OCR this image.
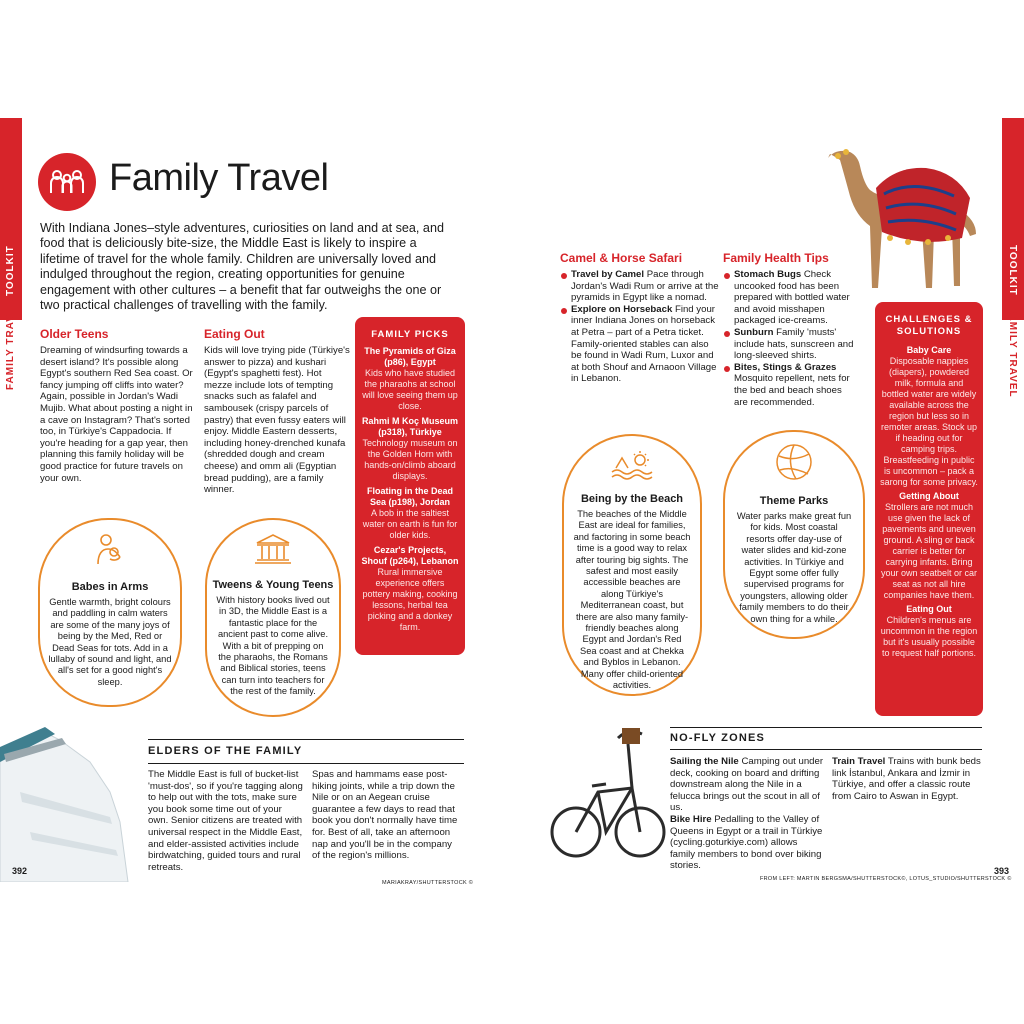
TOOLKIT
FAMILY TRAVEL
TOOLKIT
FAMILY TRAVEL
Family Travel
With Indiana Jones–style adventures, curiosities on land and at sea, and food that is deliciously bite-size, the Middle East is likely to inspire a lifetime of travel for the whole family. Children are universally loved and indulged throughout the region, creating opportunities for genuine engagement with other cultures – a benefit that far outweighs the one or two practical challenges of travelling with the family.
Older Teens
Dreaming of windsurfing towards a desert island? It's possible along Egypt's southern Red Sea coast. Or fancy jumping off cliffs into water? Again, possible in Jordan's Wadi Mujib. What about posting a night in a cave on Instagram? That's sorted too, in Türkiye's Cappadocia. If you're heading for a gap year, then planning this family holiday will be good practice for future travels on your own.
Eating Out
Kids will love trying pide (Türkiye's answer to pizza) and kushari (Egypt's spaghetti fest). Hot mezze include lots of tempting snacks such as falafel and sambousek (crispy parcels of pastry) that even fussy eaters will enjoy. Middle Eastern desserts, including honey-drenched kunafa (shredded dough and cream cheese) and omm ali (Egyptian bread pudding), are a family winner.
FAMILY PICKS
The Pyramids of Giza (p86), Egypt
Kids who have studied the pharaohs at school will love seeing them up close.
Rahmi M Koç Museum (p318), Türkiye
Technology museum on the Golden Horn with hands-on/climb aboard displays.
Floating in the Dead Sea (p198), Jordan
A bob in the saltiest water on earth is fun for older kids.
Cezar's Projects, Shouf (p264), Lebanon
Rural immersive experience offers pottery making, cooking lessons, herbal tea picking and a donkey farm.
Babes in Arms
Gentle warmth, bright colours and paddling in calm waters are some of the many joys of being by the Med, Red or Dead Seas for tots. Add in a lullaby of sound and light, and all's set for a good night's sleep.
Tweens & Young Teens
With history books lived out in 3D, the Middle East is a fantastic place for the ancient past to come alive. With a bit of prepping on the pharaohs, the Romans and Biblical stories, teens can turn into teachers for the rest of the family.
ELDERS OF THE FAMILY
The Middle East is full of bucket-list 'must-dos', so if you're tagging along to help out with the tots, make sure you book some time out of your own. Senior citizens are treated with universal respect in the Middle East, and elder-assisted activities include birdwatching, guided tours and rural retreats.
Spas and hammams ease post-hiking joints, while a trip down the Nile or on an Aegean cruise guarantee a few days to read that book you don't normally have time for. Best of all, take an afternoon nap and you'll be in the company of the region's millions.
392
MARIAKRAY/SHUTTERSTOCK ©
Camel & Horse Safari
Travel by Camel Pace through Jordan's Wadi Rum or arrive at the pyramids in Egypt like a nomad.
Explore on Horseback Find your inner Indiana Jones on horseback at Petra – part of a Petra ticket. Family-oriented stables can also be found in Wadi Rum, Luxor and at both Shouf and Arnaoon Village in Lebanon.
Family Health Tips
Stomach Bugs Check uncooked food has been prepared with bottled water and avoid misshapen packaged ice-creams.
Sunburn Family 'musts' include hats, sunscreen and long-sleeved shirts.
Bites, Stings & Grazes Mosquito repellent, nets for the bed and beach shoes are recommended.
Being by the Beach
The beaches of the Middle East are ideal for families, and factoring in some beach time is a good way to relax after touring big sights. The safest and most easily accessible beaches are along Türkiye's Mediterranean coast, but there are also many family-friendly beaches along Egypt and Jordan's Red Sea coast and at Chekka and Byblos in Lebanon. Many offer child-oriented activities.
Theme Parks
Water parks make great fun for kids. Most coastal resorts offer day-use of water slides and kid-zone activities. In Türkiye and Egypt some offer fully supervised programs for youngsters, allowing older family members to do their own thing for a while.
CHALLENGES & SOLUTIONS
Baby Care
Disposable nappies (diapers), powdered milk, formula and bottled water are widely available across the region but less so in remoter areas. Stock up if heading out for camping trips. Breastfeeding in public is uncommon – pack a sarong for some privacy.
Getting About
Strollers are not much use given the lack of pavements and uneven ground. A sling or back carrier is better for carrying infants. Bring your own seatbelt or car seat as not all hire companies have them.
Eating Out
Children's menus are uncommon in the region but it's usually possible to request half portions.
NO-FLY ZONES
Sailing the Nile Camping out under deck, cooking on board and drifting downstream along the Nile in a felucca brings out the scout in all of us.
Bike Hire Pedalling to the Valley of Queens in Egypt or a trail in Türkiye (cycling.goturkiye.com) allows family members to bond over biking stories.
Train Travel Trains with bunk beds link İstanbul, Ankara and İzmir in Türkiye, and offer a classic route from Cairo to Aswan in Egypt.
FROM LEFT: MARTIN BERGSMA/SHUTTERSTOCK©, LOTUS_STUDIO/SHUTTERSTOCK ©
393
